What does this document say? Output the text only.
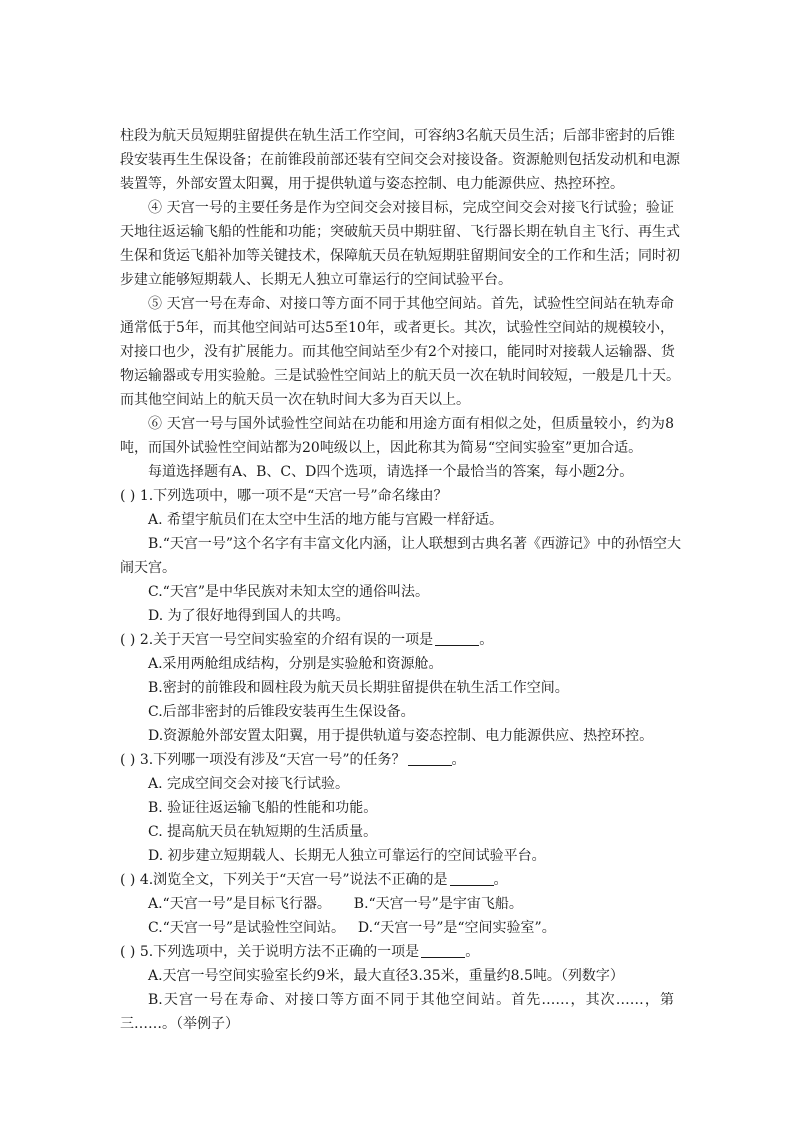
柱段为航天员短期驻留提供在轨生活工作空间，可容纳3名航天员生活；后部非密封的后锥
段安装再生生保设备；在前锥段前部还装有空间交会对接设备。资源舱则包括发动机和电源
装置等，外部安置太阳翼，用于提供轨道与姿态控制、电力能源供应、热控环控。
④ 天宫一号的主要任务是作为空间交会对接目标，完成空间交会对接飞行试验；验证
天地往返运输飞船的性能和功能；突破航天员中期驻留、飞行器长期在轨自主飞行、再生式
生保和货运飞船补加等关键技术，保障航天员在轨短期驻留期间安全的工作和生活；同时初
步建立能够短期载人、长期无人独立可靠运行的空间试验平台。
⑤ 天宫一号在寿命、对接口等方面不同于其他空间站。首先，试验性空间站在轨寿命
通常低于5年，而其他空间站可达5至10年，或者更长。其次，试验性空间站的规模较小，
对接口也少，没有扩展能力。而其他空间站至少有2个对接口，能同时对接载人运输器、货
物运输器或专用实验舱。三是试验性空间站上的航天员一次在轨时间较短，一般是几十天。
而其他空间站上的航天员一次在轨时间大多为百天以上。
⑥ 天宫一号与国外试验性空间站在功能和用途方面有相似之处，但质量较小，约为8
吨，而国外试验性空间站都为20吨级以上，因此称其为简易“空间实验室”更加合适。
每道选择题有A、B、C、D四个选项，请选择一个最恰当的答案，每小题2分。
( ) 1.下列选项中，哪一项不是“天宫一号”命名缘由？
A. 希望宇航员们在太空中生活的地方能与宫殿一样舒适。
B.“天宫一号”这个名字有丰富文化内涵，让人联想到古典名著《西游记》中的孙悟空大
闹天宫。
C.“天宫”是中华民族对未知太空的通俗叫法。
D. 为了很好地得到国人的共鸣。
( ) 2.关于天宫一号空间实验室的介绍有误的一项是	。
A.采用两舱组成结构，分别是实验舱和资源舱。
B.密封的前锥段和圆柱段为航天员长期驻留提供在轨生活工作空间。
C.后部非密封的后锥段安装再生生保设备。
D.资源舱外部安置太阳翼，用于提供轨道与姿态控制、电力能源供应、热控环控。
( ) 3.下列哪一项没有涉及“天宫一号”的任务？	。
A. 完成空间交会对接飞行试验。
B. 验证往返运输飞船的性能和功能。
C. 提高航天员在轨短期的生活质量。
D. 初步建立短期载人、长期无人独立可靠运行的空间试验平台。
( ) 4.浏览全文，下列关于“天宫一号”说法不正确的是	。
A.“天宫一号”是目标飞行器。 B.“天宫一号”是宇宙飞船。
C.“天宫一号”是试验性空间站。 D.“天宫一号”是“空间实验室”。
( ) 5.下列选项中，关于说明方法不正确的一项是	。
A.天宫一号空间实验室长约9米，最大直径3.35米，重量约8.5吨。（列数字）
B.天宫一号在寿命、对接口等方面不同于其他空间站。首先……，其次……，第
三……。（举例子）
